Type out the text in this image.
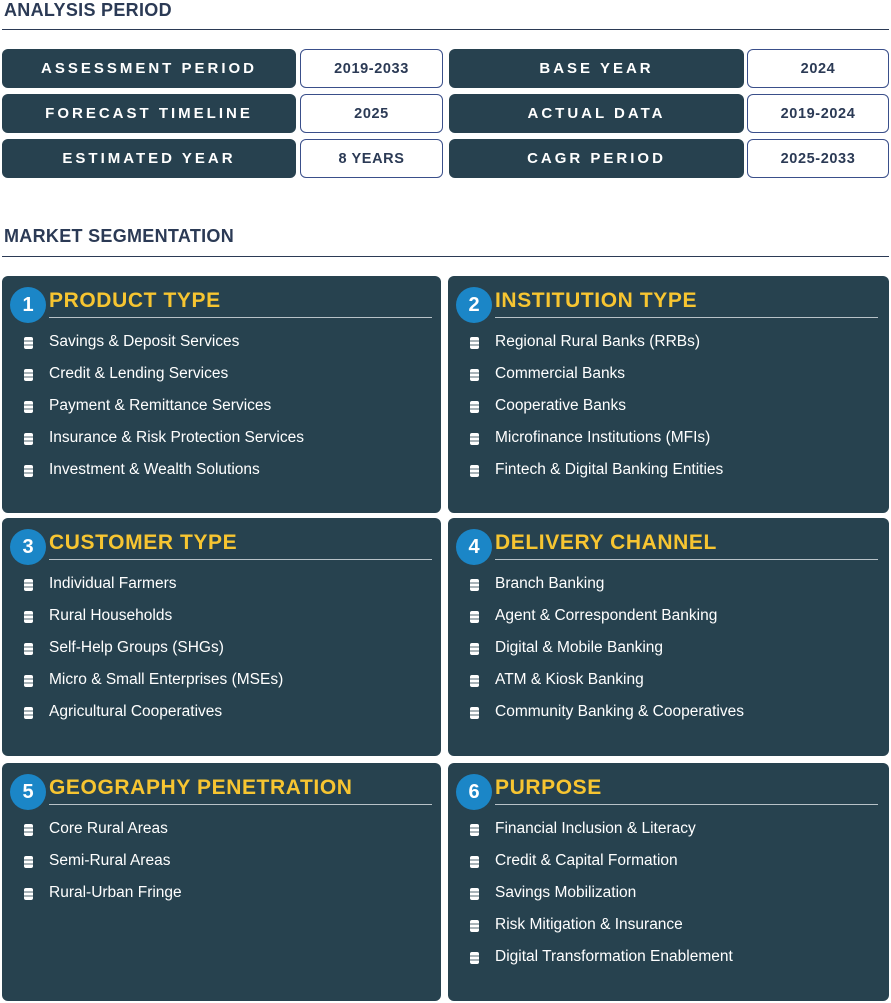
ANALYSIS PERIOD
ASSESSMENT PERIOD	2019-2033	BASE YEAR	2024
FORECAST TIMELINE	2025	ACTUAL DATA	2019-2024
ESTIMATED YEAR	8 YEARS	CAGR PERIOD	2025-2033
MARKET SEGMENTATION
1 PRODUCT TYPE
Savings & Deposit Services
Credit & Lending Services
Payment & Remittance Services
Insurance & Risk Protection Services
Investment & Wealth Solutions
2 INSTITUTION TYPE
Regional Rural Banks (RRBs)
Commercial Banks
Cooperative Banks
Microfinance Institutions (MFIs)
Fintech & Digital Banking Entities
3 CUSTOMER TYPE
Individual Farmers
Rural Households
Self-Help Groups (SHGs)
Micro & Small Enterprises (MSEs)
Agricultural Cooperatives
4 DELIVERY CHANNEL
Branch Banking
Agent & Correspondent Banking
Digital & Mobile Banking
ATM & Kiosk Banking
Community Banking & Cooperatives
5 GEOGRAPHY PENETRATION
Core Rural Areas
Semi-Rural Areas
Rural-Urban Fringe
6 PURPOSE
Financial Inclusion & Literacy
Credit & Capital Formation
Savings Mobilization
Risk Mitigation & Insurance
Digital Transformation Enablement
